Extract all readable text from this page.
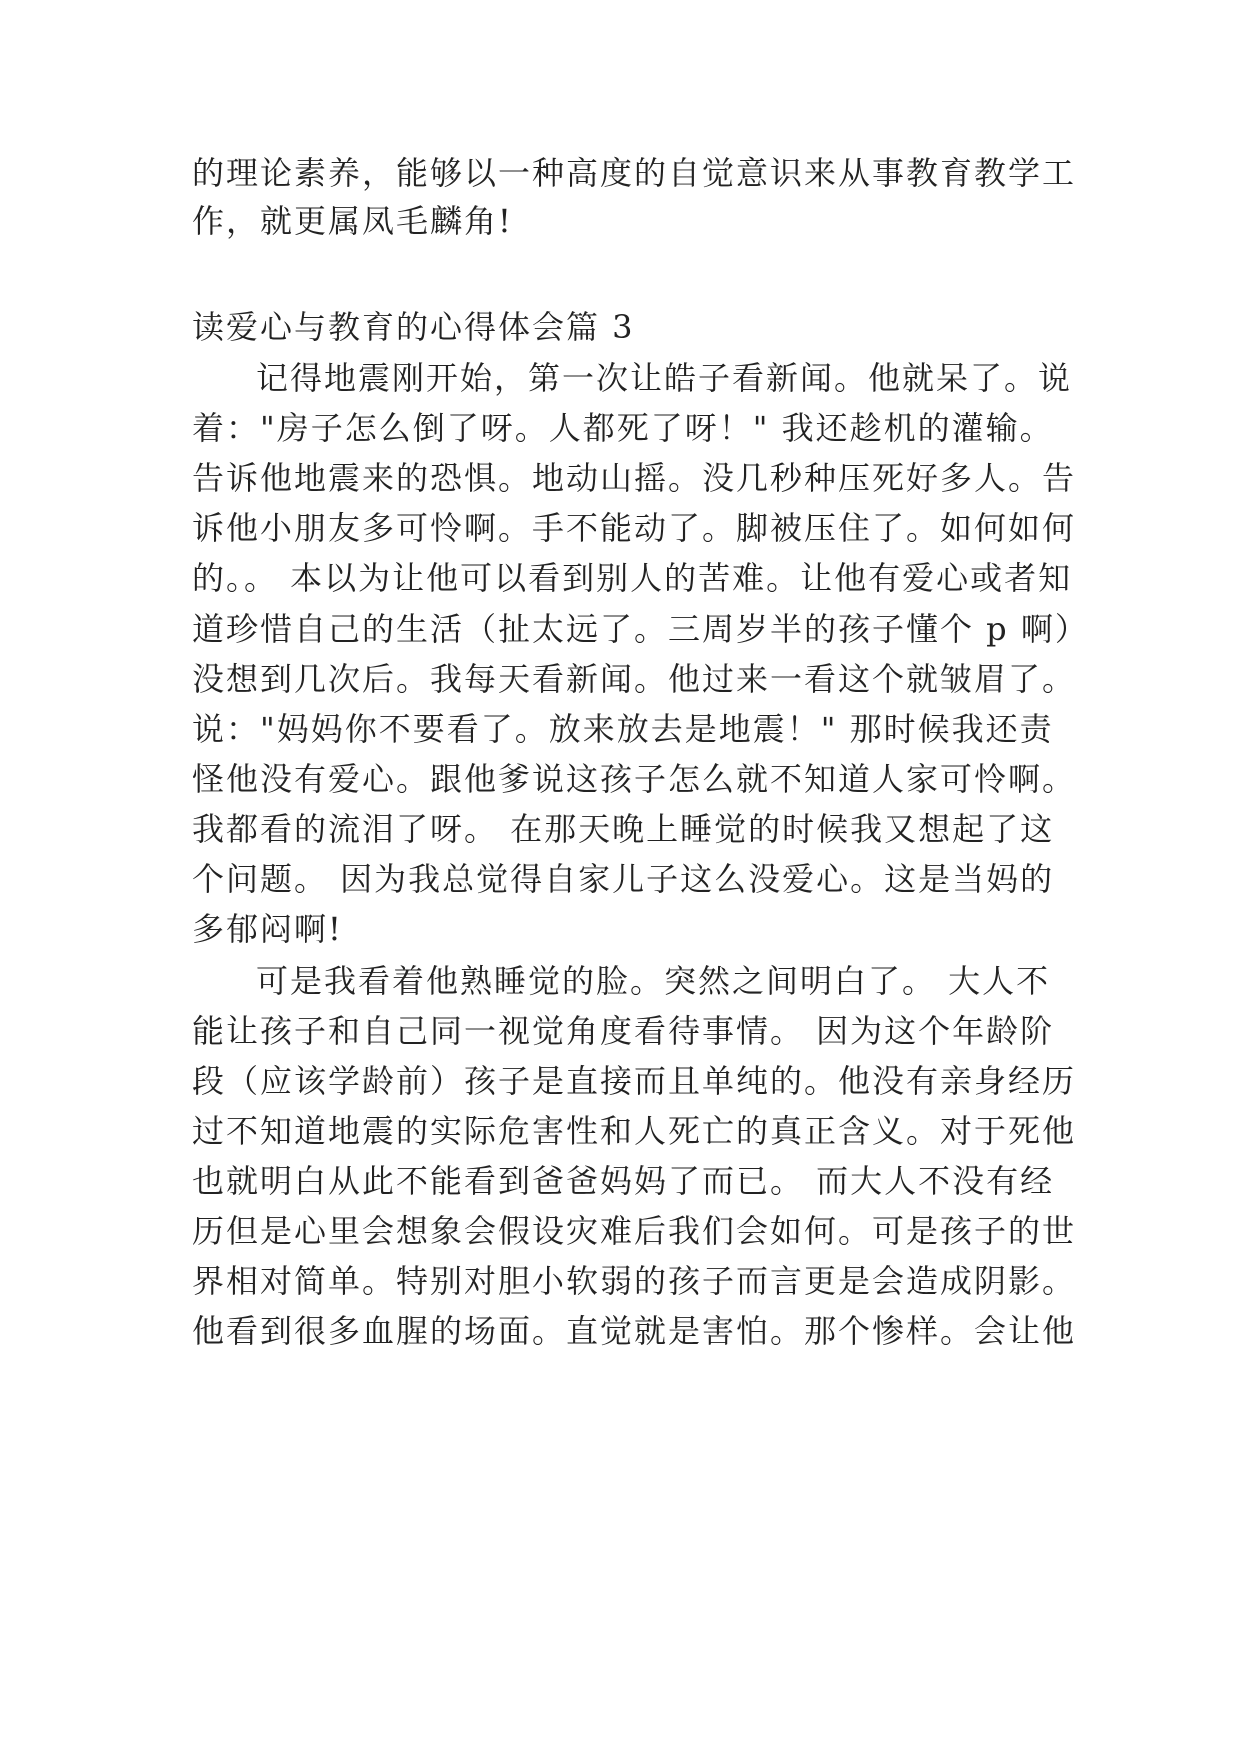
的理论素养，能够以一种高度的自觉意识来从事教育教学工
作，就更属凤毛麟角!
读爱心与教育的心得体会篇 3
记得地震刚开始，第一次让皓子看新闻。他就呆了。说
着："房子怎么倒了呀。人都死了呀！" 我还趁机的灌输。
告诉他地震来的恐惧。地动山摇。没几秒种压死好多人。告
诉他小朋友多可怜啊。手不能动了。脚被压住了。如何如何
的。。 本以为让他可以看到别人的苦难。让他有爱心或者知
道珍惜自己的生活（扯太远了。三周岁半的孩子懂个 p 啊）
没想到几次后。我每天看新闻。他过来一看这个就皱眉了。
说："妈妈你不要看了。放来放去是地震！" 那时候我还责
怪他没有爱心。跟他爹说这孩子怎么就不知道人家可怜啊。
我都看的流泪了呀。 在那天晚上睡觉的时候我又想起了这
个问题。 因为我总觉得自家儿子这么没爱心。这是当妈的
多郁闷啊!
可是我看着他熟睡觉的脸。突然之间明白了。 大人不
能让孩子和自己同一视觉角度看待事情。 因为这个年龄阶
段（应该学龄前）孩子是直接而且单纯的。他没有亲身经历
过不知道地震的实际危害性和人死亡的真正含义。对于死他
也就明白从此不能看到爸爸妈妈了而已。 而大人不没有经
历但是心里会想象会假设灾难后我们会如何。可是孩子的世
界相对简单。特别对胆小软弱的孩子而言更是会造成阴影。
他看到很多血腥的场面。直觉就是害怕。那个惨样。会让他
